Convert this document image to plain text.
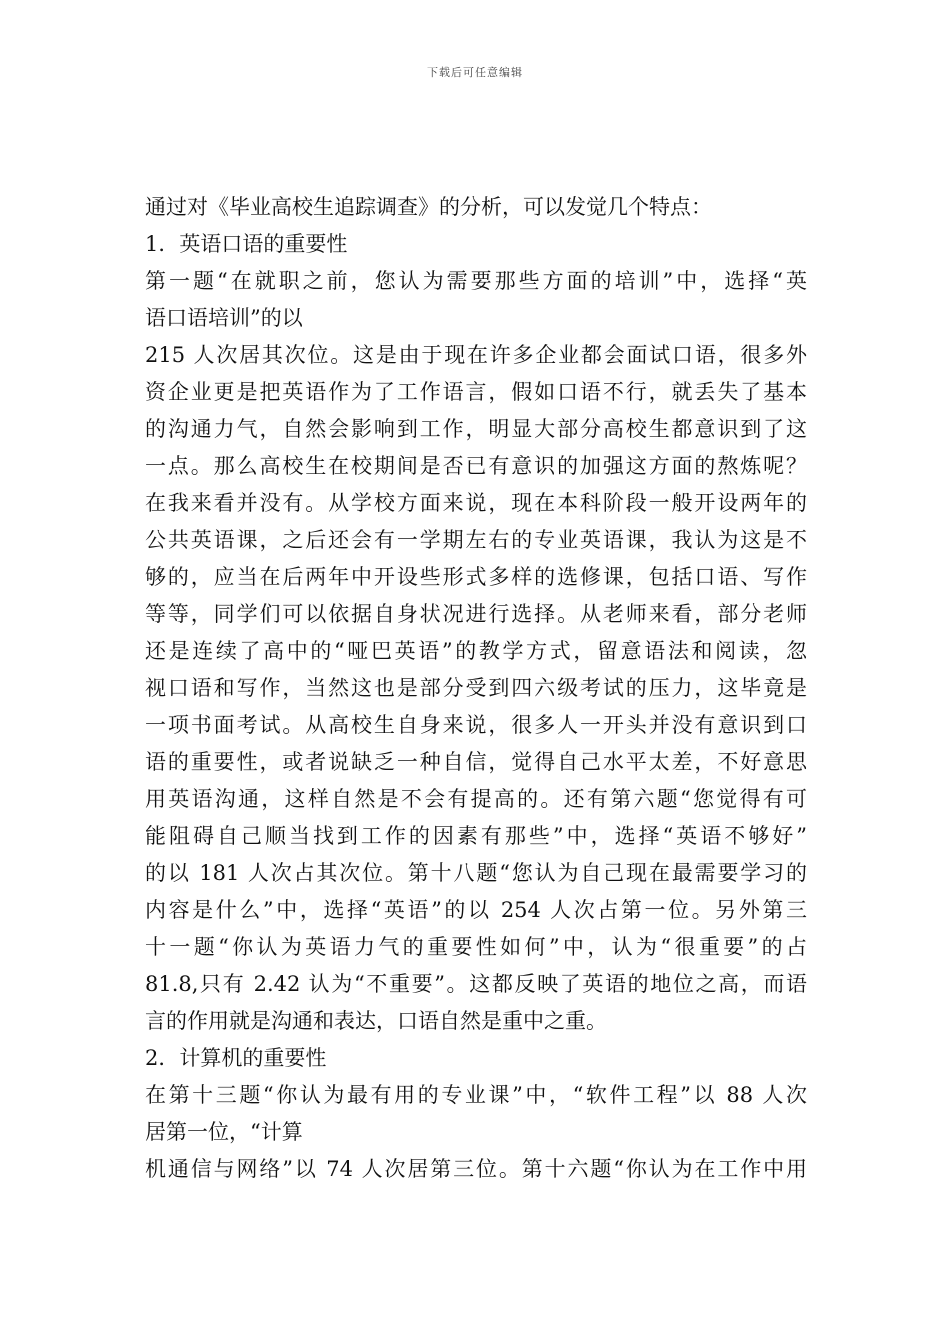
下载后可任意编辑
通过对《毕业高校生追踪调查》的分析，可以发觉几个特点：
1．英语口语的重要性
第一题“在就职之前，您认为需要那些方面的培训”中，选择“英
语口语培训”的以
215 人次居其次位。这是由于现在许多企业都会面试口语，很多外
资企业更是把英语作为了工作语言，假如口语不行，就丢失了基本
的沟通力气，自然会影响到工作，明显大部分高校生都意识到了这
一点。那么高校生在校期间是否已有意识的加强这方面的熬炼呢？
在我来看并没有。从学校方面来说，现在本科阶段一般开设两年的
公共英语课，之后还会有一学期左右的专业英语课，我认为这是不
够的，应当在后两年中开设些形式多样的选修课，包括口语、写作
等等，同学们可以依据自身状况进行选择。从老师来看，部分老师
还是连续了高中的“哑巴英语”的教学方式，留意语法和阅读，忽
视口语和写作，当然这也是部分受到四六级考试的压力，这毕竟是
一项书面考试。从高校生自身来说，很多人一开头并没有意识到口
语的重要性，或者说缺乏一种自信，觉得自己水平太差，不好意思
用英语沟通，这样自然是不会有提高的。还有第六题“您觉得有可
能阻碍自己顺当找到工作的因素有那些”中，选择“英语不够好”
的以 181 人次占其次位。第十八题“您认为自己现在最需要学习的
内容是什么”中，选择“英语”的以 254 人次占第一位。另外第三
十一题“你认为英语力气的重要性如何”中，认为“很重要”的占
81.8,只有 2.42 认为“不重要”。这都反映了英语的地位之高，而语
言的作用就是沟通和表达，口语自然是重中之重。
2．计算机的重要性
在第十三题“你认为最有用的专业课”中，“软件工程”以 88 人次
居第一位，“计算
机通信与网络”以 74 人次居第三位。第十六题“你认为在工作中用
